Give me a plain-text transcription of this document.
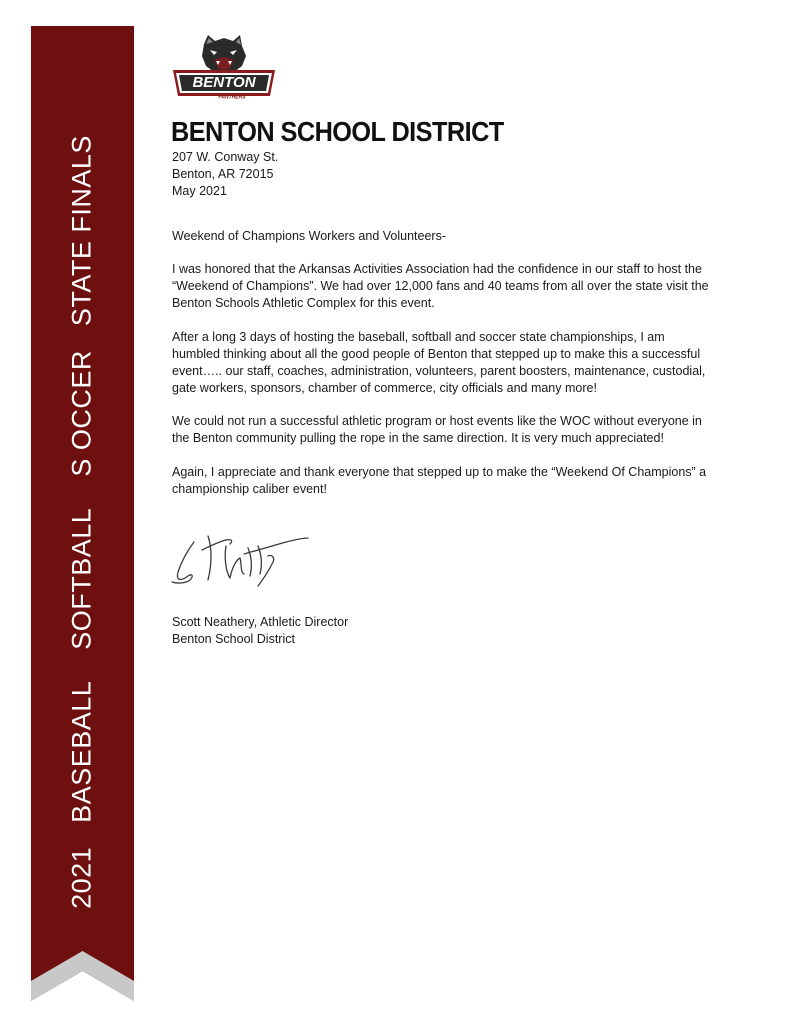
2021   BASEBALL    SOFTBALL    S OCCER   STATE FINALS
BENTON
PANTHERS
BENTON SCHOOL DISTRICT

207 W. Conway St.

Benton, AR 72015

May 2021

Weekend of Champions Workers and Volunteers-

I was honored that the Arkansas Activities Association had the confidence in our staff to host the “Weekend of Champions”. We had over 12,000 fans and 40 teams from all over the state visit the Benton Schools Athletic Complex for this event.

After a long 3 days of hosting the baseball, softball and soccer state championships, I am humbled thinking about all the good people of Benton that stepped up to make this a successful event….. our staff, coaches, administration, volunteers, parent boosters, maintenance, custodial, gate workers, sponsors, chamber of commerce, city officials and many more!

We could not run a successful athletic program or host events like the WOC without everyone in the Benton community pulling the rope in the same direction. It is very much appreciated!

Again, I appreciate and thank everyone that stepped up to make the “Weekend Of Champions” a championship caliber event!

Scott Neathery, Athletic Director

Benton School District
